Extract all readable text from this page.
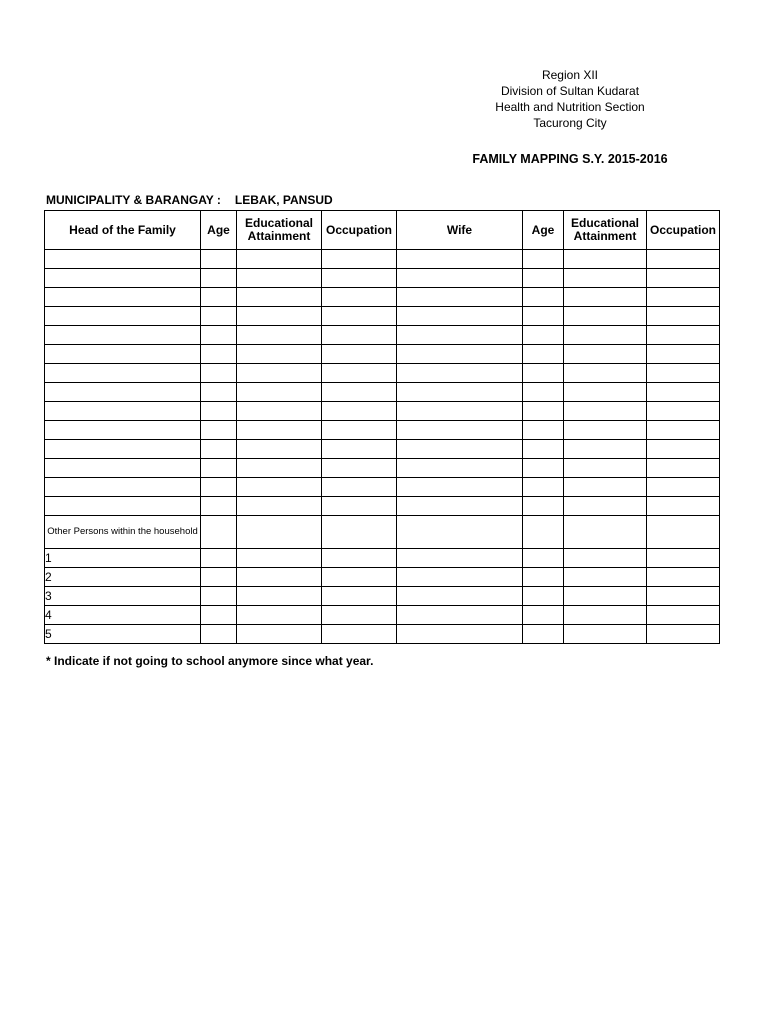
Region XII
Division of Sultan Kudarat
Health and Nutrition Section
Tacurong City
FAMILY MAPPING S.Y. 2015-2016
MUNICIPALITY & BARANGAY : LEBAK, PANSUD
Head of the Family	Age	Educational Attainment	Occupation	Wife	Age	Educational Attainment	Occupation

Other Persons within the household							
1							
2							
3							
4							
5							
* Indicate if not going to school anymore since what year.
